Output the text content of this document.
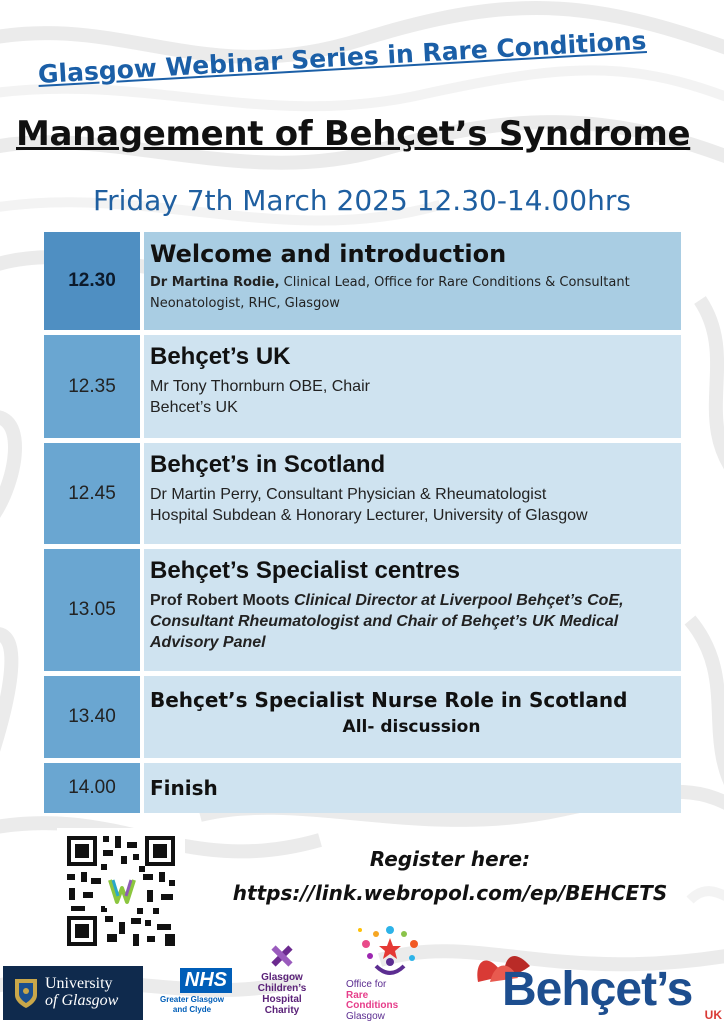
Glasgow Webinar Series in Rare Conditions
Management of Behçet’s Syndrome
Friday 7th March 2025 12.30-14.00hrs
12.30
Welcome and introduction
Dr Martina Rodie, Clinical Lead, Office for Rare Conditions & Consultant
Neonatologist, RHC, Glasgow
12.35
Behçet’s UK
Mr Tony Thornburn OBE, Chair
Behcet’s UK
12.45
Behçet’s in Scotland
Dr Martin Perry, Consultant Physician & Rheumatologist
Hospital Subdean & Honorary Lecturer, University of Glasgow
13.05
Behçet’s Specialist centres
Prof Robert Moots Clinical Director at Liverpool Behçet’s CoE,
Consultant Rheumatologist and Chair of Behçet’s UK Medical
Advisory Panel
13.40
Behçet’s Specialist Nurse Role in Scotland
All- discussion
14.00	Finish
Register here:
https://link.webropol.com/ep/BEHCETS
University
of Glasgow
NHS
Greater Glasgow
and Clyde
Glasgow
Children’s
Hospital
Charity
Office for
Rare
Conditions
Glasgow	Behçet’s UK
